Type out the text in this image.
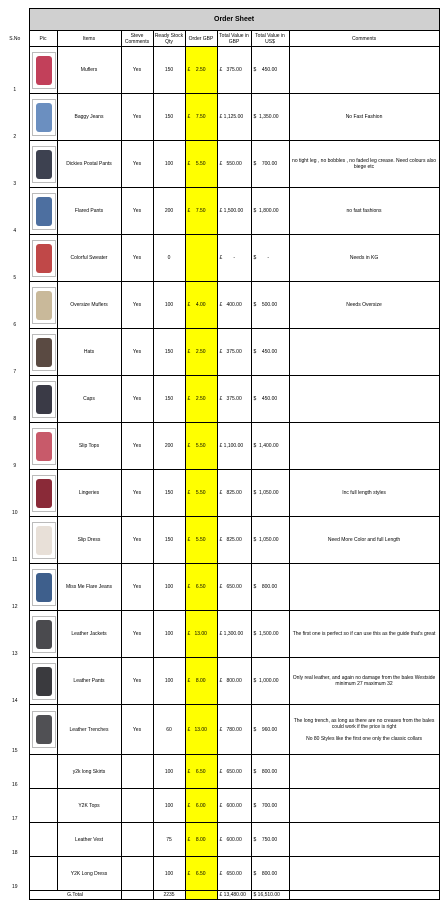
	Order Sheet							
S.No	Pic	Items	Steve Comments	Ready Stock Qty	Order GBP	Total Value in GBP	Total Value in US$	Comments
1		Muflers	Yes	150	£    2.50	£   375.00	$    450.00	
2		Baggy Jeans	Yes	150	£    7.50	£ 1,125.00	$  1,350.00	No Fast Fashion
3		Dickies Postal Pants	Yes	100	£    5.50	£   550.00	$    700.00	no tight leg , no bobbles , no faded leg crease. Need colours also biege etc
4		Flared Pants	Yes	200	£    7.50	£ 1,500.00	$  1,800.00	no fast fashions
5		Colorful Sweater	Yes	0		£        -	$        -	Needs in KG
6		Oversize Muflers	Yes	100	£    4.00	£   400.00	$    500.00	Needs Oversize
7		Hats	Yes	150	£    2.50	£   375.00	$    450.00	
8		Caps	Yes	150	£    2.50	£   375.00	$    450.00	
9		Slip Tops	Yes	200	£    5.50	£ 1,100.00	$  1,400.00	
10		Lingeries	Yes	150	£    5.50	£   825.00	$  1,050.00	Inc full length styles
11		Slip Dress	Yes	150	£    5.50	£   825.00	$  1,050.00	Need More Color and full Length
12		Miss Me Flare Jeans	Yes	100	£    6.50	£   650.00	$    800.00	
13		Leather Jackets	Yes	100	£   13.00	£ 1,300.00	$  1,500.00	The first one is perfect so if can use this as the guide that's great
14		Leather Pants	Yes	100	£    8.00	£   800.00	$  1,000.00	Only real leather, and again no damage from the bales Westside minimum 27 maximum 32
15		Leather Trenches	Yes	60	£   13.00	£   780.00	$    960.00	The long trench, as long as there are no creases from the bales could work if the price is right

No 80 Styles like the first one only the classic collars
16		y2k long Skirts		100	£    6.50	£   650.00	$    800.00	
17		Y2K Tops		100	£    6.00	£   600.00	$    700.00	
18		Leather Vest		75	£    8.00	£   600.00	$    750.00	
19		Y2K Long Dress		100	£    6.50	£   650.00	$    800.00	
	G.Total			2235		£ 13,480.00	$ 16,510.00	
